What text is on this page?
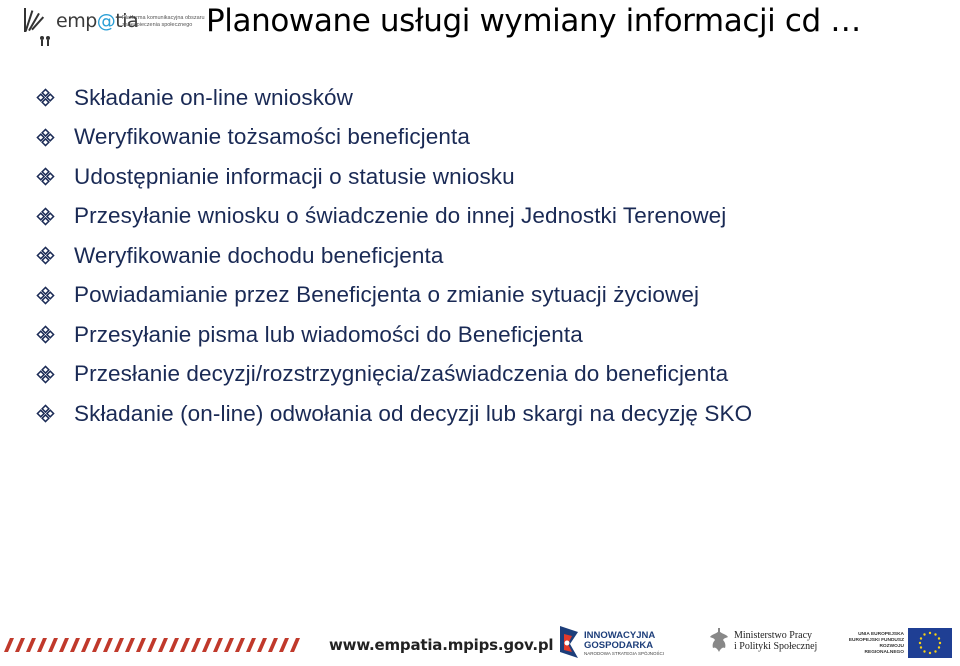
emp@tia
Platforma komunikacyjna obszaru zabezpieczenia społecznego Planowane usługi wymiany informacji cd …
Składanie on-line wniosków
Weryfikowanie tożsamości beneficjenta
Udostępnianie informacji o statusie wniosku
Przesyłanie wniosku o świadczenie do innej Jednostki Terenowej
Weryfikowanie dochodu beneficjenta
Powiadamianie przez Beneficjenta o zmianie sytuacji życiowej
Przesyłanie pisma lub wiadomości do Beneficjenta
Przesłanie decyzji/rozstrzygnięcia/zaświadczenia do beneficjenta
Składanie (on-line) odwołania od decyzji lub skargi na decyzję SKO
www.empatia.mpips.gov.pl
INNOWACYJNA
GOSPODARKA
NARODOWA STRATEGIA SPÓJNOŚCI
Ministerstwo Pracy
i Polityki Społecznej
UNIA EUROPEJSKA
EUROPEJSKI FUNDUSZ
ROZWOJU REGIONALNEGO
